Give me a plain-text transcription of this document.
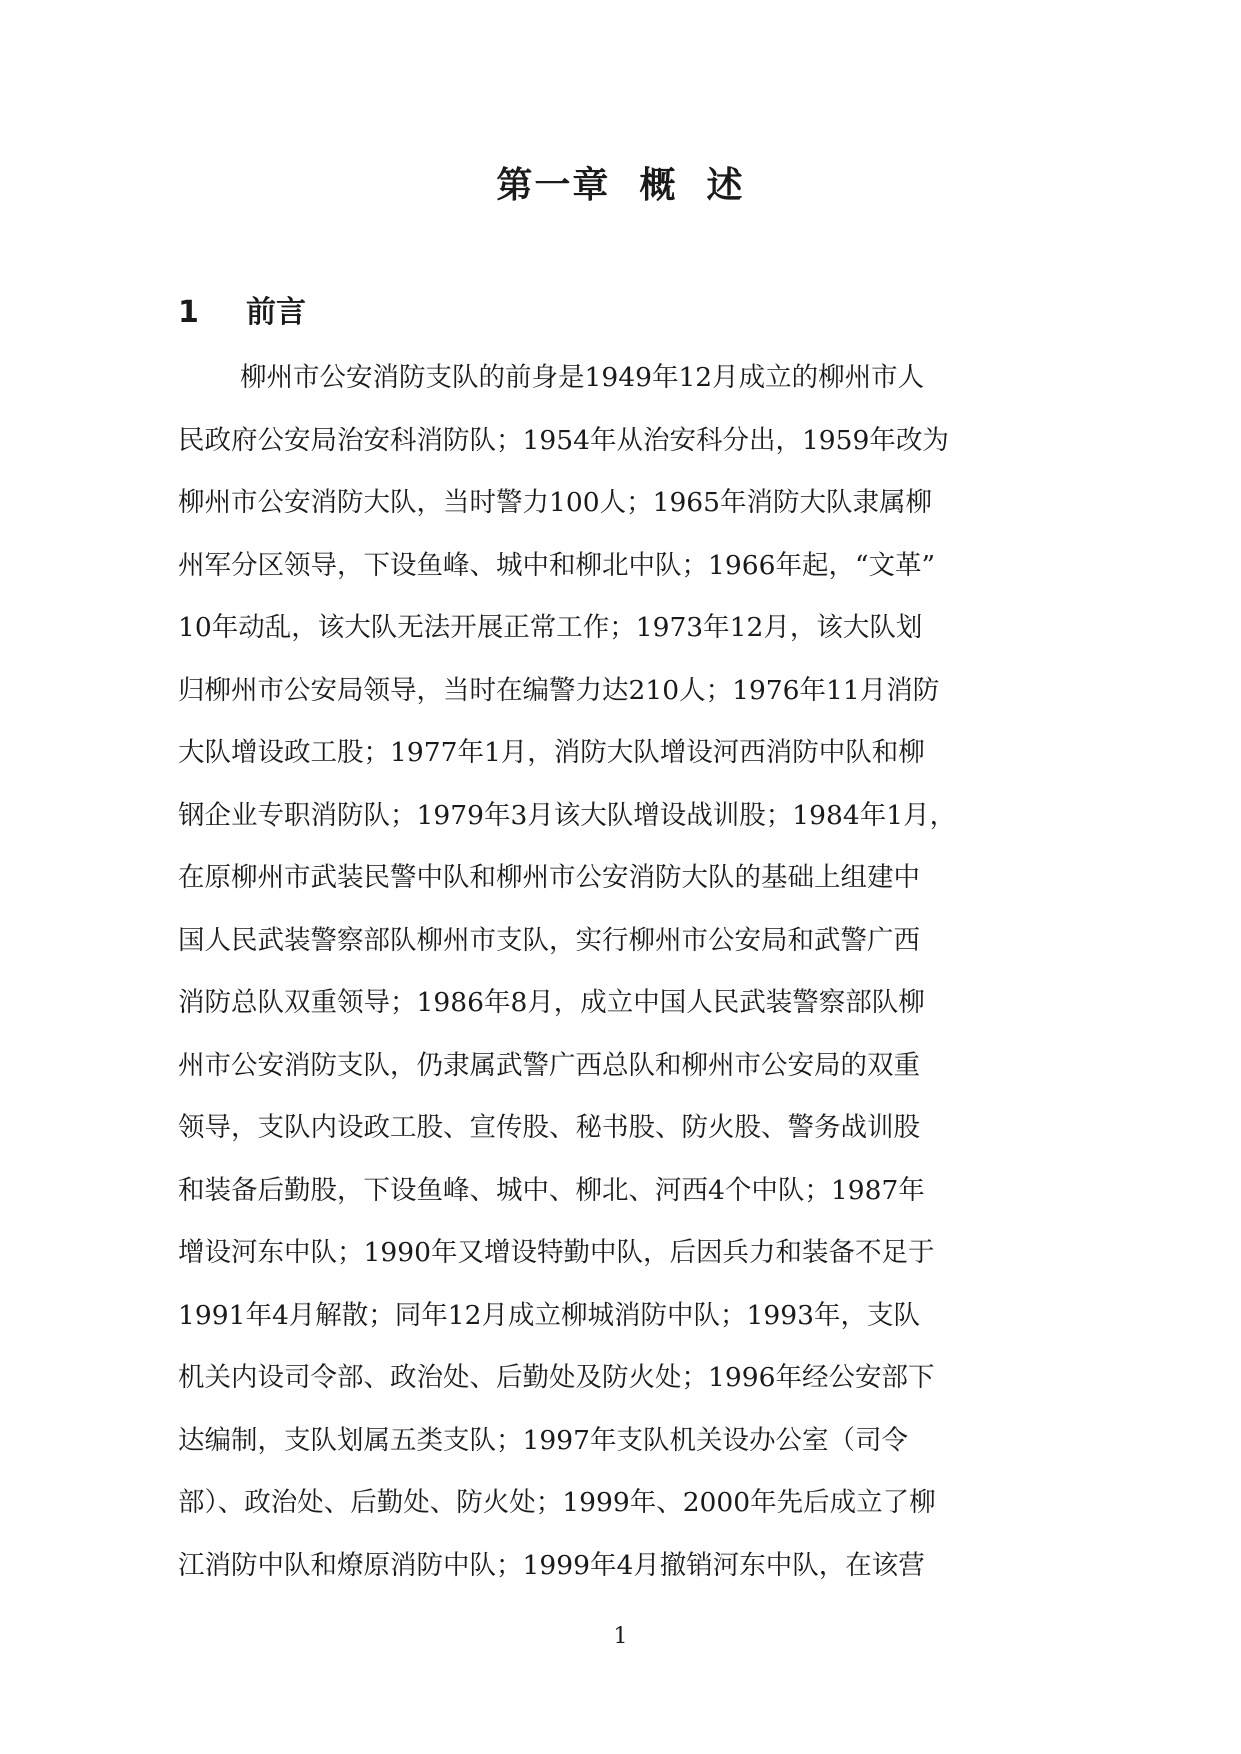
第一章  概  述
1	前言
柳州市公安消防支队的前身是1949年12月成立的柳州市人
民政府公安局治安科消防队；1954年从治安科分出，1959年改为
柳州市公安消防大队，当时警力100人；1965年消防大队隶属柳
州军分区领导，下设鱼峰、城中和柳北中队；1966年起，“文革”
10年动乱，该大队无法开展正常工作；1973年12月，该大队划
归柳州市公安局领导，当时在编警力达210人；1976年11月消防
大队增设政工股；1977年1月，消防大队增设河西消防中队和柳
钢企业专职消防队；1979年3月该大队增设战训股；1984年1月，
在原柳州市武装民警中队和柳州市公安消防大队的基础上组建中
国人民武装警察部队柳州市支队，实行柳州市公安局和武警广西
消防总队双重领导；1986年8月，成立中国人民武装警察部队柳
州市公安消防支队，仍隶属武警广西总队和柳州市公安局的双重
领导，支队内设政工股、宣传股、秘书股、防火股、警务战训股
和装备后勤股，下设鱼峰、城中、柳北、河西4个中队；1987年
增设河东中队；1990年又增设特勤中队，后因兵力和装备不足于
1991年4月解散；同年12月成立柳城消防中队；1993年，支队
机关内设司令部、政治处、后勤处及防火处；1996年经公安部下
达编制，支队划属五类支队；1997年支队机关设办公室（司令
部）、政治处、后勤处、防火处；1999年、2000年先后成立了柳
江消防中队和燎原消防中队；1999年4月撤销河东中队，在该营
1
